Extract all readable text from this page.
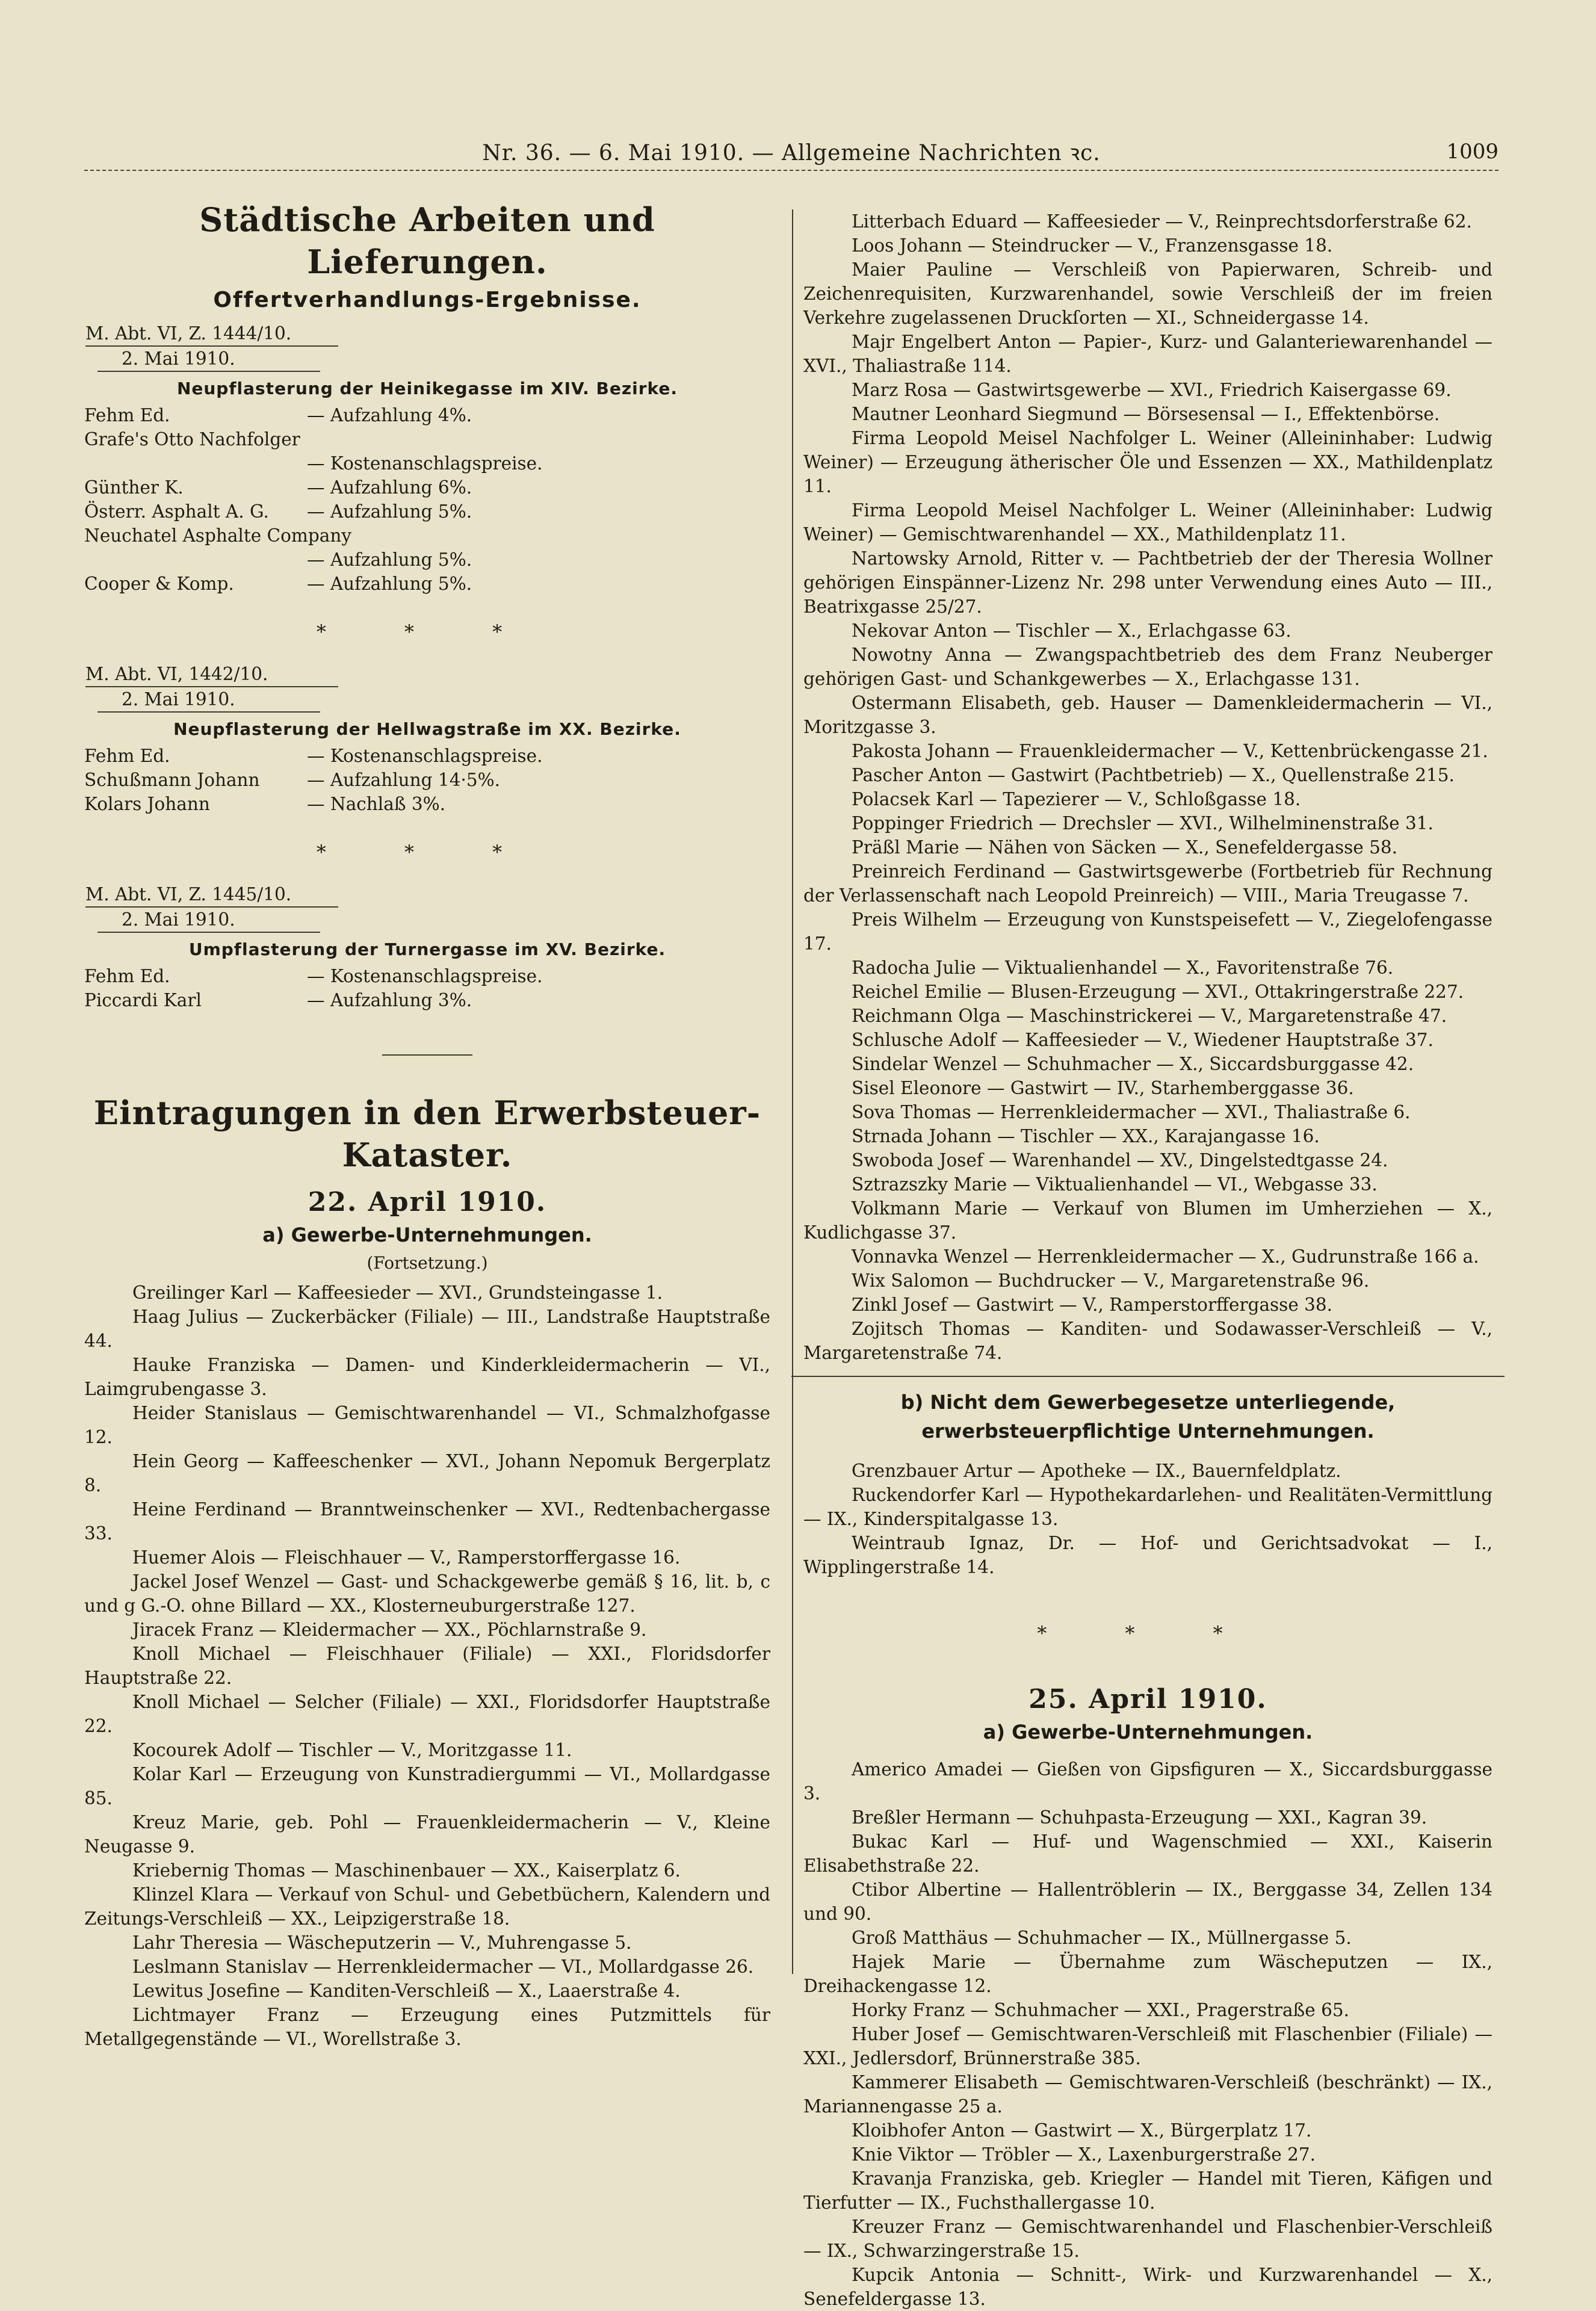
Nr. 36. — 6. Mai 1910. — Allgemeine Nachrichten ꝛc.	1009
Städtische Arbeiten und Lieferungen.
Offertverhandlungs-Ergebnisse.
M. Abt. VI, Z. 1444/10.
2. Mai 1910.
Neupflasterung der Heinikegasse im XIV. Bezirke.
Fehm Ed.	— Aufzahlung 4%.
Grafe's Otto Nachfolger
— Kostenanschlagspreise.
Günther K.	— Aufzahlung 6%.
Österr. Asphalt A. G.	— Aufzahlung 5%.
Neuchatel Asphalte Company
— Aufzahlung 5%.
Cooper & Komp.	— Aufzahlung 5%.
* * *
M. Abt. VI, 1442/10.
2. Mai 1910.
Neupflasterung der Hellwagstraße im XX. Bezirke.
Fehm Ed.	— Kostenanschlagspreise.
Schußmann Johann	— Aufzahlung 14·5%.
Kolars Johann	— Nachlaß 3%.
* * *
M. Abt. VI, Z. 1445/10.
2. Mai 1910.
Umpflasterung der Turnergasse im XV. Bezirke.
Fehm Ed.	— Kostenanschlagspreise.
Piccardi Karl	— Aufzahlung 3%.
Eintragungen in den Erwerbsteuer-Kataster.
22. April 1910.
a) Gewerbe-Unternehmungen.
(Fortsetzung.)
Greilinger Karl — Kaffeesieder — XVI., Grundsteingasse 1.
Haag Julius — Zuckerbäcker (Filiale) — III., Landstraße Hauptstraße 44.
Hauke Franziska — Damen- und Kinderkleidermacherin — VI., Laimgrubengasse 3.
Heider Stanislaus — Gemischtwarenhandel — VI., Schmalzhofgasse 12.
Hein Georg — Kaffeeschenker — XVI., Johann Nepomuk Bergerplatz 8.
Heine Ferdinand — Branntweinschenker — XVI., Redtenbachergasse 33.
Huemer Alois — Fleischhauer — V., Ramperstorffergasse 16.
Jackel Josef Wenzel — Gast- und Schackgewerbe gemäß § 16, lit. b, c und g G.-O. ohne Billard — XX., Klosterneuburgerstraße 127.
Jiracek Franz — Kleidermacher — XX., Pöchlarnstraße 9.
Knoll Michael — Fleischhauer (Filiale) — XXI., Floridsdorfer Hauptstraße 22.
Knoll Michael — Selcher (Filiale) — XXI., Floridsdorfer Hauptstraße 22.
Kocourek Adolf — Tischler — V., Moritzgasse 11.
Kolar Karl — Erzeugung von Kunstradiergummi — VI., Mollardgasse 85.
Kreuz Marie, geb. Pohl — Frauenkleidermacherin — V., Kleine Neugasse 9.
Kriebernig Thomas — Maschinenbauer — XX., Kaiserplatz 6.
Klinzel Klara — Verkauf von Schul- und Gebetbüchern, Kalendern und Zeitungs-Verschleiß — XX., Leipzigerstraße 18.
Lahr Theresia — Wäscheputzerin — V., Muhrengasse 5.
Leslmann Stanislav — Herrenkleidermacher — VI., Mollardgasse 26.
Lewitus Josefine — Kanditen-Verschleiß — X., Laaerstraße 4.
Lichtmayer Franz — Erzeugung eines Putzmittels für Metallgegenstände — VI., Worellstraße 3.
Litterbach Eduard — Kaffeesieder — V., Reinprechtsdorferstraße 62.
Loos Johann — Steindrucker — V., Franzensgasse 18.
Maier Pauline — Verschleiß von Papierwaren, Schreib- und Zeichenrequisiten, Kurzwarenhandel, sowie Verschleiß der im freien Verkehre zugelassenen Druckſorten — XI., Schneidergasse 14.
Majr Engelbert Anton — Papier-, Kurz- und Galanteriewarenhandel — XVI., Thaliastraße 114.
Marz Rosa — Gastwirtsgewerbe — XVI., Friedrich Kaisergasse 69.
Mautner Leonhard Siegmund — Börsesensal — I., Effektenbörse.
Firma Leopold Meisel Nachfolger L. Weiner (Alleininhaber: Ludwig Weiner) — Erzeugung ätherischer Öle und Essenzen — XX., Mathildenplatz 11.
Firma Leopold Meisel Nachfolger L. Weiner (Alleininhaber: Ludwig Weiner) — Gemischtwarenhandel — XX., Mathildenplatz 11.
Nartowsky Arnold, Ritter v. — Pachtbetrieb der der Theresia Wollner gehörigen Einspänner-Lizenz Nr. 298 unter Verwendung eines Auto — III., Beatrixgasse 25/27.
Nekovar Anton — Tischler — X., Erlachgasse 63.
Nowotny Anna — Zwangspachtbetrieb des dem Franz Neuberger gehörigen Gast- und Schankgewerbes — X., Erlachgasse 131.
Ostermann Elisabeth, geb. Hauser — Damenkleidermacherin — VI., Moritzgasse 3.
Pakosta Johann — Frauenkleidermacher — V., Kettenbrückengasse 21.
Pascher Anton — Gastwirt (Pachtbetrieb) — X., Quellenstraße 215.
Polacsek Karl — Tapezierer — V., Schloßgasse 18.
Poppinger Friedrich — Drechsler — XVI., Wilhelminenstraße 31.
Präßl Marie — Nähen von Säcken — X., Senefeldergasse 58.
Preinreich Ferdinand — Gastwirtsgewerbe (Fortbetrieb für Rechnung der Verlassenschaft nach Leopold Preinreich) — VIII., Maria Treugasse 7.
Preis Wilhelm — Erzeugung von Kunstspeisefett — V., Ziegelofengasse 17.
Radocha Julie — Viktualienhandel — X., Favoritenstraße 76.
Reichel Emilie — Blusen-Erzeugung — XVI., Ottakringerstraße 227.
Reichmann Olga — Maschinstrickerei — V., Margaretenstraße 47.
Schlusche Adolf — Kaffeesieder — V., Wiedener Hauptstraße 37.
Sindelar Wenzel — Schuhmacher — X., Siccardsburggasse 42.
Sisel Eleonore — Gastwirt — IV., Starhemberggasse 36.
Sova Thomas — Herrenkleidermacher — XVI., Thaliastraße 6.
Strnada Johann — Tischler — XX., Karajangasse 16.
Swoboda Josef — Warenhandel — XV., Dingelstedtgasse 24.
Sztrazszky Marie — Viktualienhandel — VI., Webgasse 33.
Volkmann Marie — Verkauf von Blumen im Umherziehen — X., Kudlichgasse 37.
Vonnavka Wenzel — Herrenkleidermacher — X., Gudrunstraße 166 a.
Wix Salomon — Buchdrucker — V., Margaretenstraße 96.
Zinkl Josef — Gastwirt — V., Ramperstorffergasse 38.
Zojitsch Thomas — Kanditen- und Sodawasser-Verschleiß — V., Margaretenstraße 74.
b) Nicht dem Gewerbegesetze unterliegende, erwerbsteuerpflichtige Unternehmungen.
Grenzbauer Artur — Apotheke — IX., Bauernfeldplatz.
Ruckendorfer Karl — Hypothekardarlehen- und Realitäten-Vermittlung — IX., Kinderspitalgasse 13.
Weintraub Ignaz, Dr. — Hof- und Gerichtsadvokat — I., Wipplingerstraße 14.
* * *
25. April 1910.
a) Gewerbe-Unternehmungen.
Americo Amadei — Gießen von Gipsfiguren — X., Siccardsburggasse 3.
Breßler Hermann — Schuhpasta-Erzeugung — XXI., Kagran 39.
Bukac Karl — Huf- und Wagenschmied — XXI., Kaiserin Elisabethstraße 22.
Ctibor Albertine — Hallentröblerin — IX., Berggasse 34, Zellen 134 und 90.
Groß Matthäus — Schuhmacher — IX., Müllnergasse 5.
Hajek Marie — Übernahme zum Wäscheputzen — IX., Dreihackengasse 12.
Horky Franz — Schuhmacher — XXI., Pragerstraße 65.
Huber Josef — Gemischtwaren-Verschleiß mit Flaschenbier (Filiale) — XXI., Jedlersdorf, Brünnerstraße 385.
Kammerer Elisabeth — Gemischtwaren-Verschleiß (beschränkt) — IX., Mariannengasse 25 a.
Kloibhofer Anton — Gastwirt — X., Bürgerplatz 17.
Knie Viktor — Tröbler — X., Laxenburgerstraße 27.
Kravanja Franziska, geb. Kriegler — Handel mit Tieren, Käfigen und Tierfutter — IX., Fuchsthallergasse 10.
Kreuzer Franz — Gemischtwarenhandel und Flaschenbier-Verschleiß — IX., Schwarzingerstraße 15.
Kupcik Antonia — Schnitt-, Wirk- und Kurzwarenhandel — X., Senefeldergasse 13.
